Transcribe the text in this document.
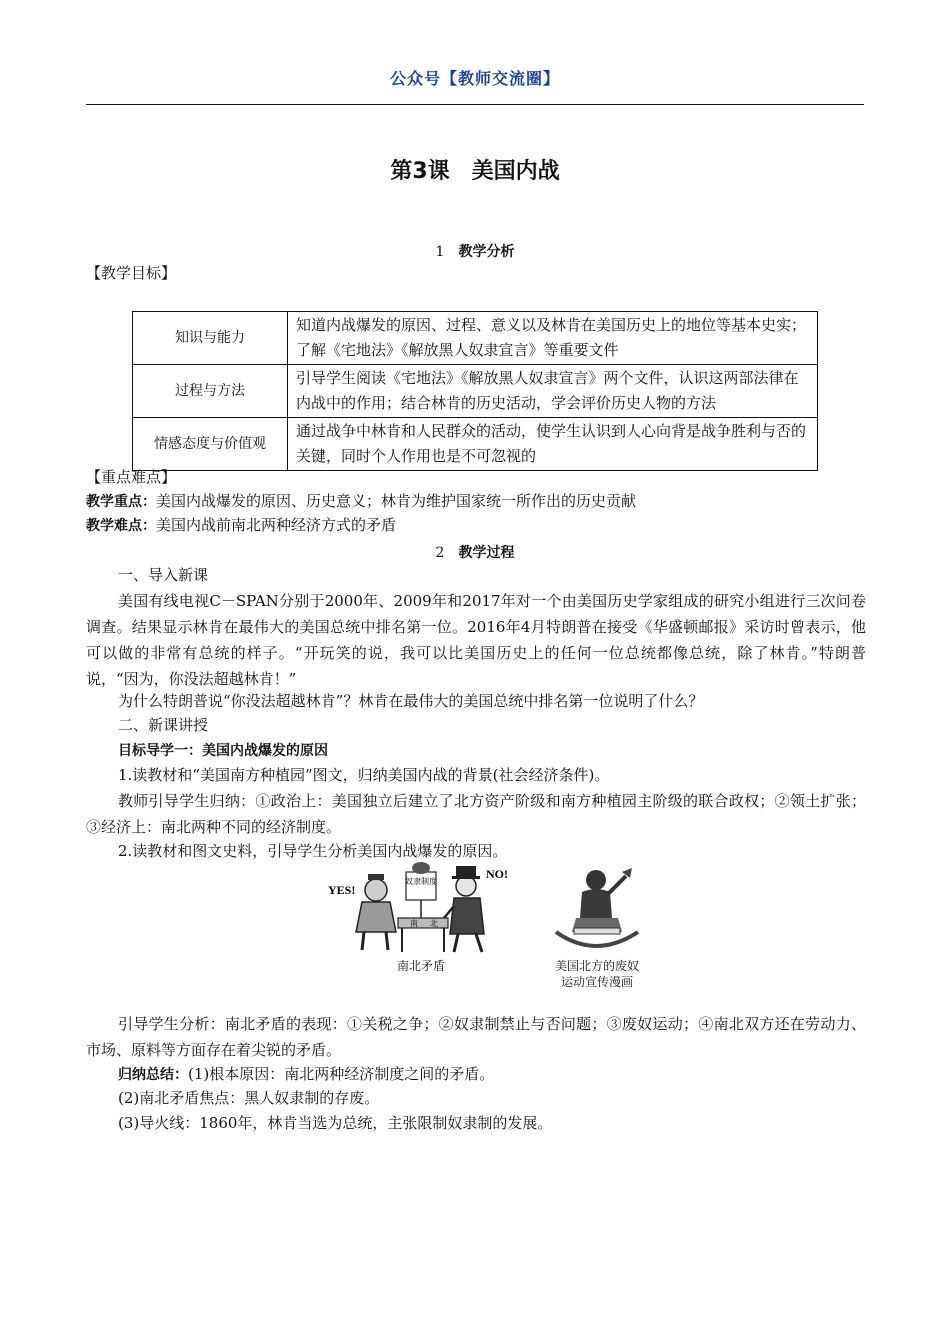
公众号【教师交流圈】
第3课　美国内战
1 教学分析
【教学目标】
知识与能力	知道内战爆发的原因、过程、意义以及林肯在美国历史上的地位等基本史实；了解《宅地法》《解放黑人奴隶宣言》等重要文件
过程与方法	引导学生阅读《宅地法》《解放黑人奴隶宣言》两个文件，认识这两部法律在内战中的作用；结合林肯的历史活动，学会评价历史人物的方法
情感态度与价值观	通过战争中林肯和人民群众的活动，使学生认识到人心向背是战争胜利与否的关键，同时个人作用也是不可忽视的
【重点难点】
教学重点：美国内战爆发的原因、历史意义；林肯为维护国家统一所作出的历史贡献
教学难点：美国内战前南北两种经济方式的矛盾
2 教学过程
一、导入新课
美国有线电视C－SPAN分别于2000年、2009年和2017年对一个由美国历史学家组成的研究小组进行三次问卷调查。结果显示林肯在最伟大的美国总统中排名第一位。2016年4月特朗普在接受《华盛顿邮报》采访时曾表示，他可以做的非常有总统的样子。“开玩笑的说，我可以比美国历史上的任何一位总统都像总统，除了林肯。”特朗普说，“因为，你没法超越林肯！”
为什么特朗普说“你没法超越林肯”？林肯在最伟大的美国总统中排名第一位说明了什么？
二、新课讲授
目标导学一：美国内战爆发的原因
1.读教材和“美国南方种植园”图文，归纳美国内战的背景(社会经济条件)。
教师引导学生归纳：①政治上：美国独立后建立了北方资产阶级和南方种植园主阶级的联合政权；②领土扩张；③经济上：南北两种不同的经济制度。
2.读教材和图文史料，引导学生分析美国内战爆发的原因。
YES!
NO!
奴隶制度
南 北
南北矛盾	美国北方的废奴
运动宣传漫画
引导学生分析：南北矛盾的表现：①关税之争；②奴隶制禁止与否问题；③废奴运动；④南北双方还在劳动力、市场、原料等方面存在着尖锐的矛盾。
归纳总结：(1)根本原因：南北两种经济制度之间的矛盾。
(2)南北矛盾焦点：黑人奴隶制的存废。
(3)导火线：1860年，林肯当选为总统，主张限制奴隶制的发展。
